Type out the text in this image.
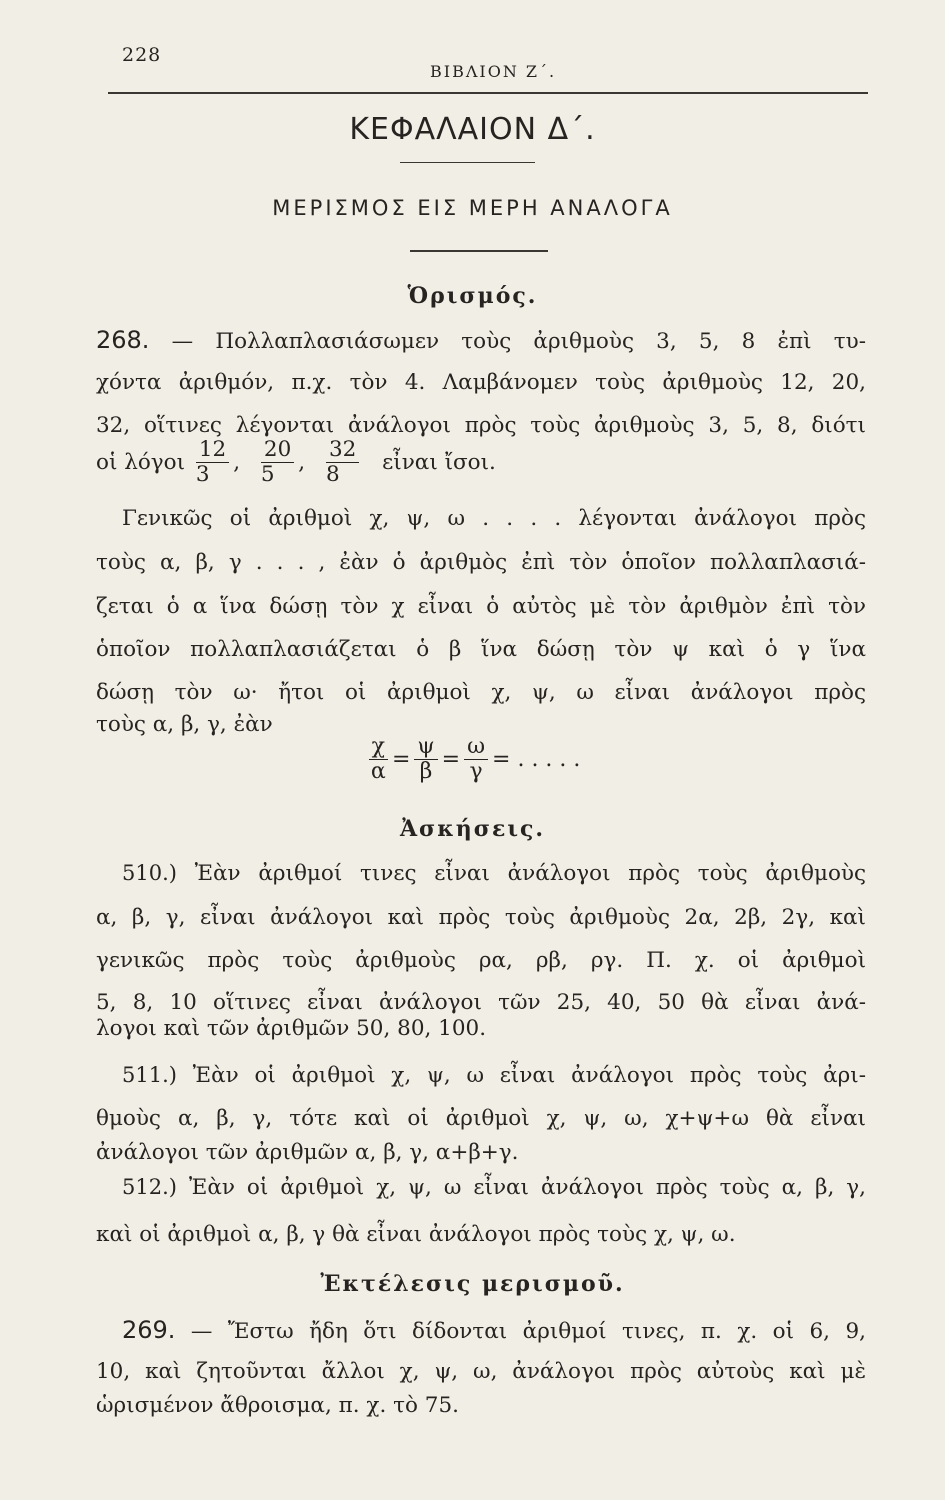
228
ΒΙΒΛΙΟΝ Ζ΄.
ΚΕΦΑΛΑΙΟΝ Δ΄.
ΜΕΡΙΣΜΟΣ ΕΙΣ ΜΕΡΗ ΑΝΑΛΟΓΑ
Ὁρισμός.
268. — Πολλαπλασιάσωμεν τοὺς ἀριθμοὺς 3, 5, 8 ἐπὶ τυ-
χόντα ἀριθμόν, π.χ. τὸν 4. Λαμβάνομεν τοὺς ἀριθμοὺς 12, 20,
32, οἵτινες λέγονται ἀνάλογοι πρὸς τοὺς ἀριθμοὺς 3, 5, 8, διότι
οἱ λόγοι $\frac{12}{3}$ , $\frac{20}{5}$ , $\frac{32}{8}$ εἶναι ἴσοι.
Γενικῶς οἱ ἀριθμοὶ χ, ψ, ω . . . . λέγονται ἀνάλογοι πρὸς
τοὺς α, β, γ . . . , ἐὰν ὁ ἀριθμὸς ἐπὶ τὸν ὁποῖον πολλαπλασιά-
ζεται ὁ α ἵνα δώσῃ τὸν χ εἶναι ὁ αὐτὸς μὲ τὸν ἀριθμὸν ἐπὶ τὸν
ὁποῖον πολλαπλασιάζεται ὁ β ἵνα δώσῃ τὸν ψ καὶ ὁ γ ἵνα
δώσῃ τὸν ω· ἤτοι οἱ ἀριθμοὶ χ, ψ, ω εἶναι ἀνάλογοι πρὸς
τοὺς α, β, γ, ἐὰν
$\frac{\chi}{\alpha} = \frac{\psi}{\beta} = \frac{\omega}{\gamma}$ = . . . . .
Ἀσκήσεις.
510.) Ἐὰν ἀριθμοί τινες εἶναι ἀνάλογοι πρὸς τοὺς ἀριθμοὺς
α, β, γ, εἶναι ἀνάλογοι καὶ πρὸς τοὺς ἀριθμοὺς 2α, 2β, 2γ, καὶ
γενικῶς πρὸς τοὺς ἀριθμοὺς ρα, ρβ, ργ. Π. χ. οἱ ἀριθμοὶ
5, 8, 10 οἵτινες εἶναι ἀνάλογοι τῶν 25, 40, 50 θὰ εἶναι ἀνά-
λογοι καὶ τῶν ἀριθμῶν 50, 80, 100.
511.) Ἐὰν οἱ ἀριθμοὶ χ, ψ, ω εἶναι ἀνάλογοι πρὸς τοὺς ἀρι-
θμοὺς α, β, γ, τότε καὶ οἱ ἀριθμοὶ χ, ψ, ω, χ+ψ+ω θὰ εἶναι
ἀνάλογοι τῶν ἀριθμῶν α, β, γ, α+β+γ.
512.) Ἐὰν οἱ ἀριθμοὶ χ, ψ, ω εἶναι ἀνάλογοι πρὸς τοὺς α, β, γ,
καὶ οἱ ἀριθμοὶ α, β, γ θὰ εἶναι ἀνάλογοι πρὸς τοὺς χ, ψ, ω.
Ἐκτέλεσις μερισμοῦ.
269. — Ἔστω ἤδη ὅτι δίδονται ἀριθμοί τινες, π. χ. οἱ 6, 9,
10, καὶ ζητοῦνται ἄλλοι χ, ψ, ω, ἀνάλογοι πρὸς αὐτοὺς καὶ μὲ
ὡρισμένον ἄθροισμα, π. χ. τὸ 75.
